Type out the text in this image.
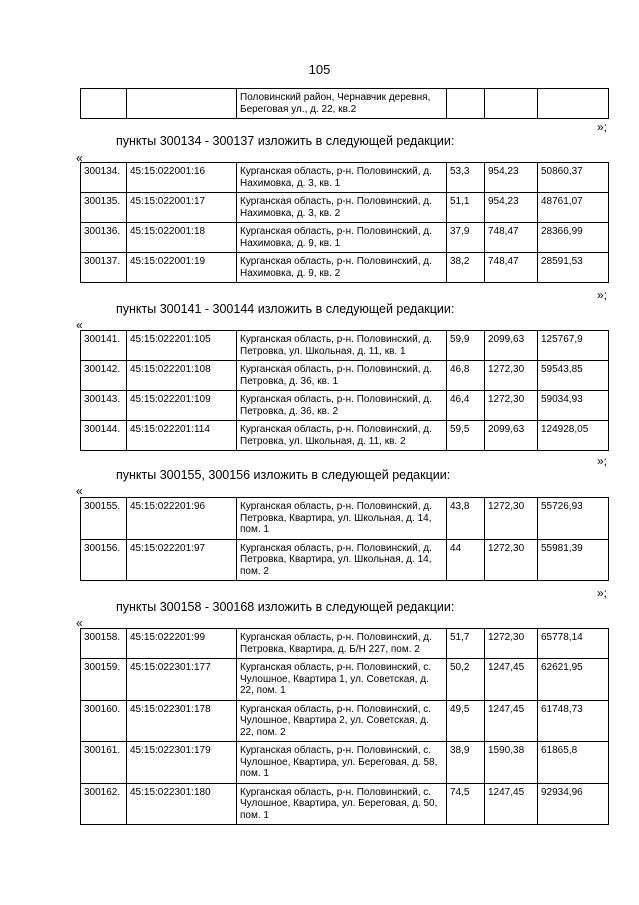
105
		Половинский район, Чернавчик деревня, Береговая ул., д. 22, кв.2			
»;
пункты 300134 - 300137 изложить в следующей редакции:
«
300134.	45:15:022001:16	Курганская область, р-н. Половинский, д. Нахимовка, д. 3, кв. 1	53,3	954,23	50860,37
300135.	45:15:022001:17	Курганская область, р-н. Половинский, д. Нахимовка, д. 3, кв. 2	51,1	954,23	48761,07
300136.	45:15:022001:18	Курганская область, р-н. Половинский, д. Нахимовка, д. 9, кв. 1	37,9	748,47	28366,99
300137.	45:15:022001:19	Курганская область, р-н. Половинский, д. Нахимовка, д. 9, кв. 2	38,2	748,47	28591,53
»;
пункты 300141 - 300144 изложить в следующей редакции:
«
300141.	45:15:022201:105	Курганская область, р-н. Половинский, д. Петровка, ул. Школьная, д. 11, кв. 1	59,9	2099,63	125767,9
300142.	45:15:022201:108	Курганская область, р-н. Половинский, д. Петровка, д. 36, кв. 1	46,8	1272,30	59543,85
300143.	45:15:022201:109	Курганская область, р-н. Половинский, д. Петровка, д. 36, кв. 2	46,4	1272,30	59034,93
300144.	45:15:022201:114	Курганская область, р-н. Половинский, д. Петровка, ул. Школьная, д. 11, кв. 2	59,5	2099,63	124928,05
»;
пункты 300155, 300156 изложить в следующей редакции:
«
300155.	45:15:022201:96	Курганская область, р-н. Половинский, д. Петровка, Квартира, ул. Школьная, д. 14, пом. 1	43,8	1272,30	55726,93
300156.	45:15:022201:97	Курганская область, р-н. Половинский, д. Петровка, Квартира, ул. Школьная, д. 14, пом. 2	44	1272,30	55981,39
»;
пункты 300158 - 300168 изложить в следующей редакции:
«
300158.	45:15:022201:99	Курганская область, р-н. Половинский, д. Петровка, Квартира, д. Б/Н 227, пом. 2	51,7	1272,30	65778,14
300159.	45:15:022301:177	Курганская область, р-н. Половинский, с. Чулошное, Квартира 1, ул. Советская, д. 22, пом. 1	50,2	1247,45	62621,95
300160.	45:15:022301:178	Курганская область, р-н. Половинский, с. Чулошное, Квартира 2, ул. Советская, д. 22, пом. 2	49,5	1247,45	61748,73
300161.	45:15:022301:179	Курганская область, р-н. Половинский, с. Чулошное, Квартира, ул. Береговая, д. 58, пом. 1	38,9	1590,38	61865,8
300162.	45:15:022301:180	Курганская область, р-н. Половинский, с. Чулошное, Квартира, ул. Береговая, д. 50, пом. 1	74,5	1247,45	92934,96
